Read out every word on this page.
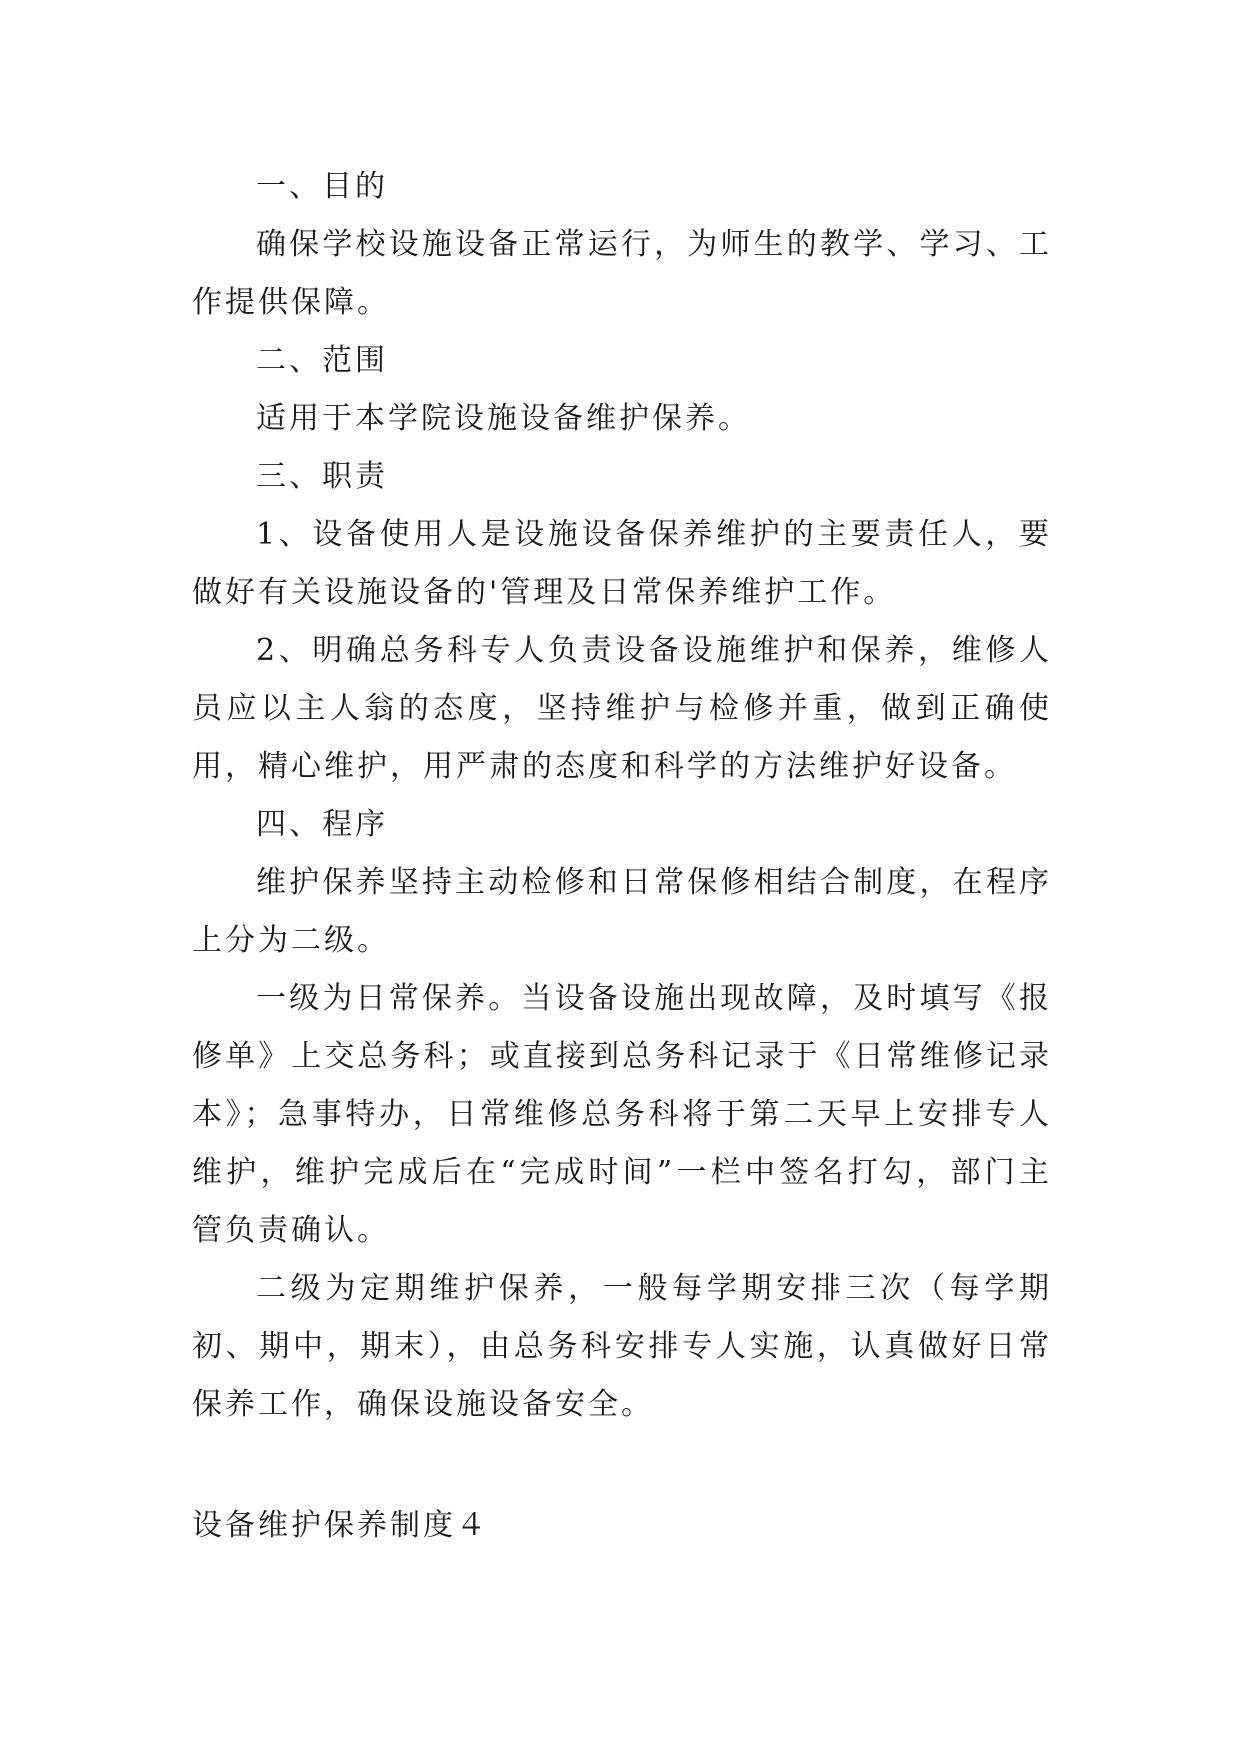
一、目的

确保学校设施设备正常运行，为师生的教学、学习、工作提供保障。

二、范围

适用于本学院设施设备维护保养。

三、职责

1、设备使用人是设施设备保养维护的主要责任人，要做好有关设施设备的'管理及日常保养维护工作。

2、明确总务科专人负责设备设施维护和保养，维修人员应以主人翁的态度，坚持维护与检修并重，做到正确使用，精心维护，用严肃的态度和科学的方法维护好设备。

四、程序

维护保养坚持主动检修和日常保修相结合制度，在程序上分为二级。

一级为日常保养。当设备设施出现故障，及时填写《报修单》上交总务科；或直接到总务科记录于《日常维修记录本》；急事特办，日常维修总务科将于第二天早上安排专人维护，维护完成后在“完成时间”一栏中签名打勾，部门主管负责确认。

二级为定期维护保养，一般每学期安排三次（每学期初、期中，期末），由总务科安排专人实施，认真做好日常保养工作，确保设施设备安全。

设备维护保养制度４
